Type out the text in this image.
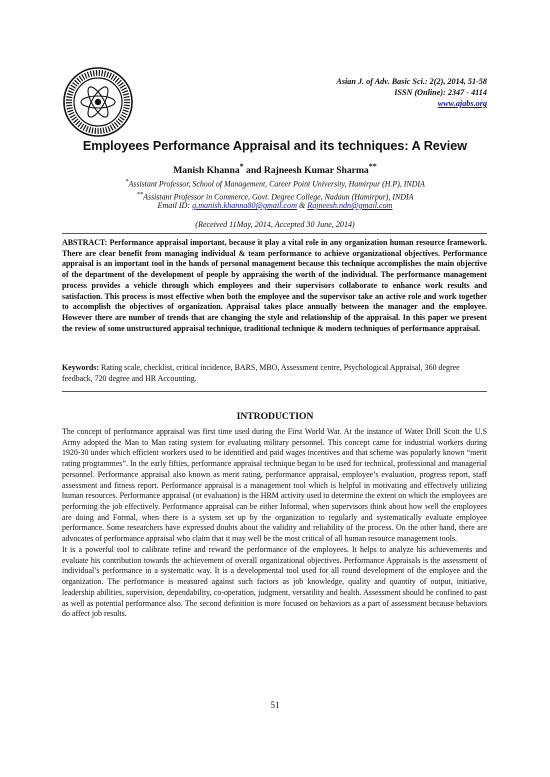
Asian J. of Adv. Basic Sci.: 2(2), 2014, 51-58
ISSN (Online): 2347 - 4114
www.ajabs.org
Employees Performance Appraisal and its techniques: A Review
Manish Khanna* and Rajneesh Kumar Sharma**
*Assistant Professor, School of Management, Career Point University, Hamirpur (H.P), INDIA
**Assistant Professor in Commerce, Govt. Degree College, Nadaun (Hamirpur), INDIA
Email ID: g.manish.khanna80@gmail.com & Rajneesh.ndn@gmail.com
(Received 11May, 2014, Accepted 30 June, 2014)
ABSTRACT: Performance appraisal important, because it play a vital role in any organization human resource framework. There are clear benefit from managing individual & team performance to achieve organizational objectives. Performance appraisal is an important tool in the hands of personal management because this technique accomplishes the main objective of the department of the development of people by appraising the worth of the individual. The performance management process provides a vehicle through which employees and their supervisors collaborate to enhance work results and satisfaction. This process is most effective when both the employee and the supervisor take an active role and work together to accomplish the objectives of organization. Appraisal takes place annually between the manager and the employee. However there are number of trends that are changing the style and relationship of the appraisal. In this paper we present the review of some unstructured appraisal technique, traditional technique & modern techniques of performance appraisal.
Keywords: Rating scale, checklist, critical incidence, BARS, MBO, Assessment centre, Psychological Appraisal, 360 degree feedback, 720 degree and HR Accounting.
INTRODUCTION

The concept of performance appraisal was first time used during the First World War. At the instance of Water Drill Scott the U.S Army adopted the Man to Man rating system for evaluating military personnel. This concept came for industrial workers during 1920-30 under which efficient workers used to be identified and paid wages incentives and that scheme was popularly known “merit rating programmes”. In the early fifties, performance appraisal technique began to be used for technical, professional and managerial personnel. Performance appraisal also known as merit rating, performance appraisal, employee’s evaluation, progress report, staff assessment and fitness report. Performance appraisal is a management tool which is helpful in motivating and effectively utilizing human resources. Performance appraisal (or evaluation) is the HRM activity used to determine the extent on which the employees are performing the job effectively. Performance appraisal can be either Informal, when supervisors think about how well the employees are doing and Formal, when there is a system set up by the organization to regularly and systematically evaluate employee performance. Some researchers have expressed doubts about the validity and reliability of the process. On the other hand, there are advocates of performance appraisal who claim that it may well be the most critical of all human resource management tools.

It is a powerful tool to calibrate refine and reward the performance of the employees. It helps to analyze his achievements and evaluate his contribution towards the achievement of overall organizational objectives. Performance Appraisals is the assessment of individual’s performance in a systematic way. It is a developmental tool used for all round development of the employee and the organization. The performance is measured against such factors as job knowledge, quality and quantity of output, initiative, leadership abilities, supervision, dependability, co-operation, judgment, versatility and health. Assessment should be confined to past as well as potential performance also. The second definition is more focused on behaviors as a part of assessment because behaviors do affect job results.

51
